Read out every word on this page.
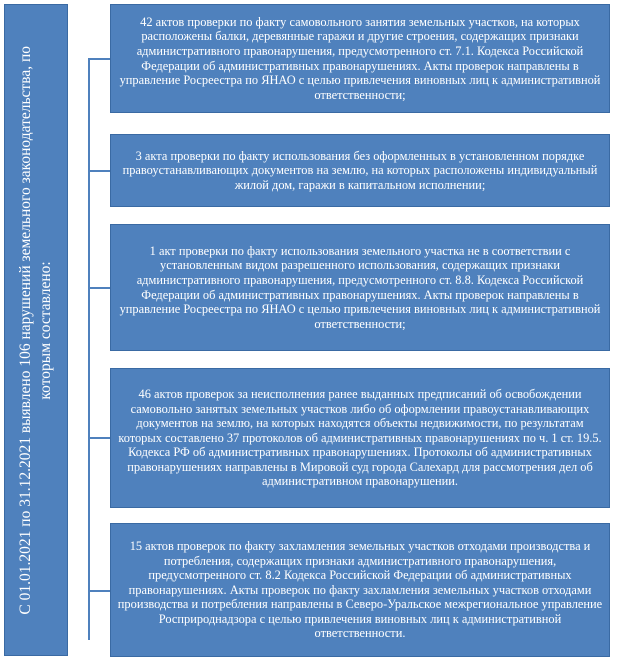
С 01.01.2021 по 31.12.2021 выявлено 106 нарушений земельного законодательства, по которым составлено:
42 актов проверки по факту самовольного занятия земельных участков, на которых расположены балки, деревянные гаражи и другие строения, содержащих признаки административного правонарушения, предусмотренного ст. 7.1. Кодекса Российской Федерации об административных правонарушениях. Акты проверок направлены в управление Росреестра по ЯНАО с целью привлечения виновных лиц к административной ответственности;
3 акта проверки по факту использования без оформленных в установленном порядке правоустанавливающих документов на землю, на которых расположены индивидуальный жилой дом, гаражи в капитальном исполнении;
1 акт проверки по факту использования земельного участка не в соответствии с установленным видом разрешенного использования, содержащих признаки административного правонарушения, предусмотренного ст. 8.8. Кодекса Российской Федерации об административных правонарушениях. Акты проверок направлены в управление Росреестра по ЯНАО с целью привлечения виновных лиц к административной ответственности;
46 актов проверок за неисполнения ранее выданных предписаний об освобождении самовольно занятых земельных участков либо об оформлении правоустанавливающих документов на землю, на которых находятся объекты недвижимости, по результатам которых составлено 37 протоколов об административных правонарушениях по ч. 1 ст. 19.5. Кодекса РФ об административных правонарушениях. Протоколы об административных правонарушениях направлены в Мировой суд города Салехард для рассмотрения дел об административном правонарушении.
15 актов проверок по факту захламления земельных участков отходами производства и потребления, содержащих признаки административного правонарушения, предусмотренного ст. 8.2 Кодекса Российской Федерации об административных правонарушениях. Акты проверок по факту захламления земельных участков отходами производства и потребления направлены в Северо-Уральское межрегиональное управление Росприроднадзора с целью привлечения виновных лиц к административной ответственности.
